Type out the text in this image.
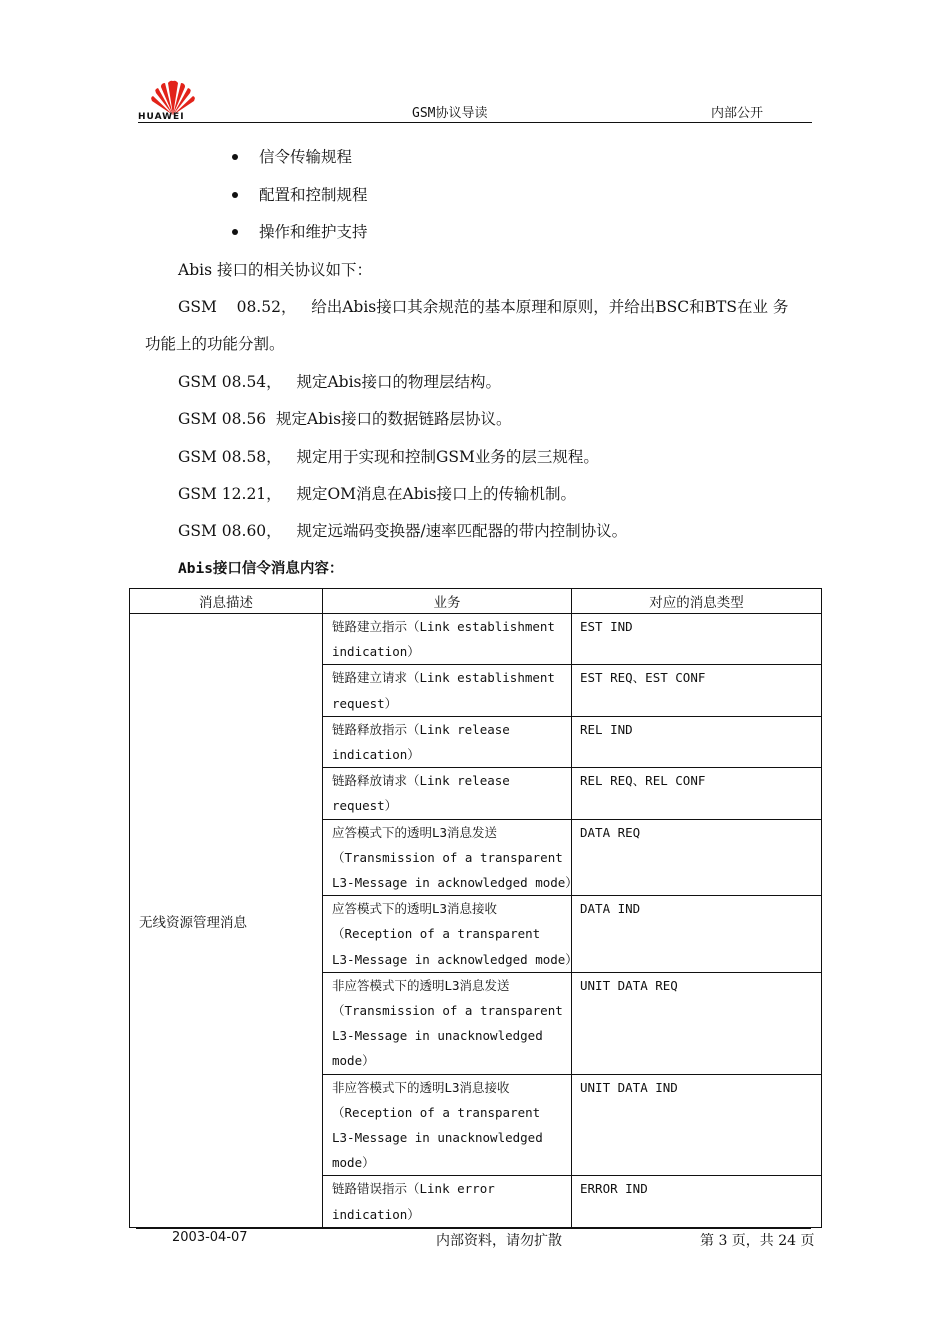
HUAWEI	GSM协议导读	内部公开
信令传输规程
配置和控制规程
操作和维护支持
Abis 接口的相关协议如下：
GSM    08.52，   给出Abis接口其余规范的基本原理和原则，并给出BSC和BTS在业 务
功能上的功能分割。
GSM 08.54，   规定Abis接口的物理层结构。
GSM 08.56  规定Abis接口的数据链路层协议。
GSM 08.58，   规定用于实现和控制GSM业务的层三规程。
GSM 12.21，   规定OM消息在Abis接口上的传输机制。
GSM 08.60，   规定远端码变换器/速率匹配器的带内控制协议。
Abis接口信令消息内容：
消息描述	业务	对应的消息类型
无线资源管理消息	链路建立指示（Link establishment
indication）	EST IND

	链路建立请求（Link establishment
request）	EST REQ、EST CONF

	链路释放指示（Link release
indication）	REL IND

	链路释放请求（Link release
request）	REL REQ、REL CONF

	应答模式下的透明L3消息发送
（Transmission of a transparent
L3-Message in acknowledged mode）	DATA REQ

	应答模式下的透明L3消息接收
（Reception of a transparent
L3-Message in acknowledged mode）	DATA IND

	非应答模式下的透明L3消息发送
（Transmission of a transparent
L3-Message in unacknowledged
mode）	UNIT DATA REQ

	非应答模式下的透明L3消息接收
（Reception of a transparent
L3-Message in unacknowledged
mode）	UNIT DATA IND

	链路错误指示（Link error
indication）	ERROR IND
2003-04-07	内部资料，请勿扩散	第 3 页，共 24 页
